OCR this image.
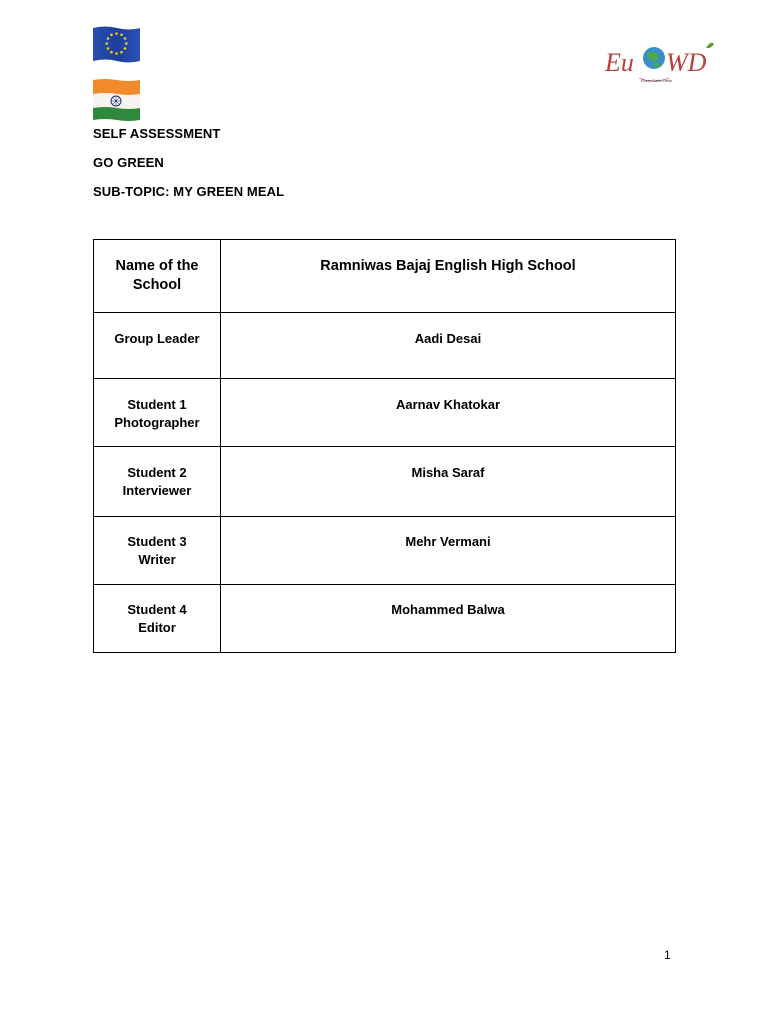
Eu WD
Every Earth Hello
SELF ASSESSMENT
GO GREEN
SUB-TOPIC: MY GREEN MEAL
Name of the
School	Ramniwas Bajaj English High School

Group Leader	Aadi Desai

Student 1
Photographer	Aarnav Khatokar

Student 2
Interviewer	Misha Saraf

Student 3
Writer	Mehr Vermani

Student 4
Editor	Mohammed Balwa
1
